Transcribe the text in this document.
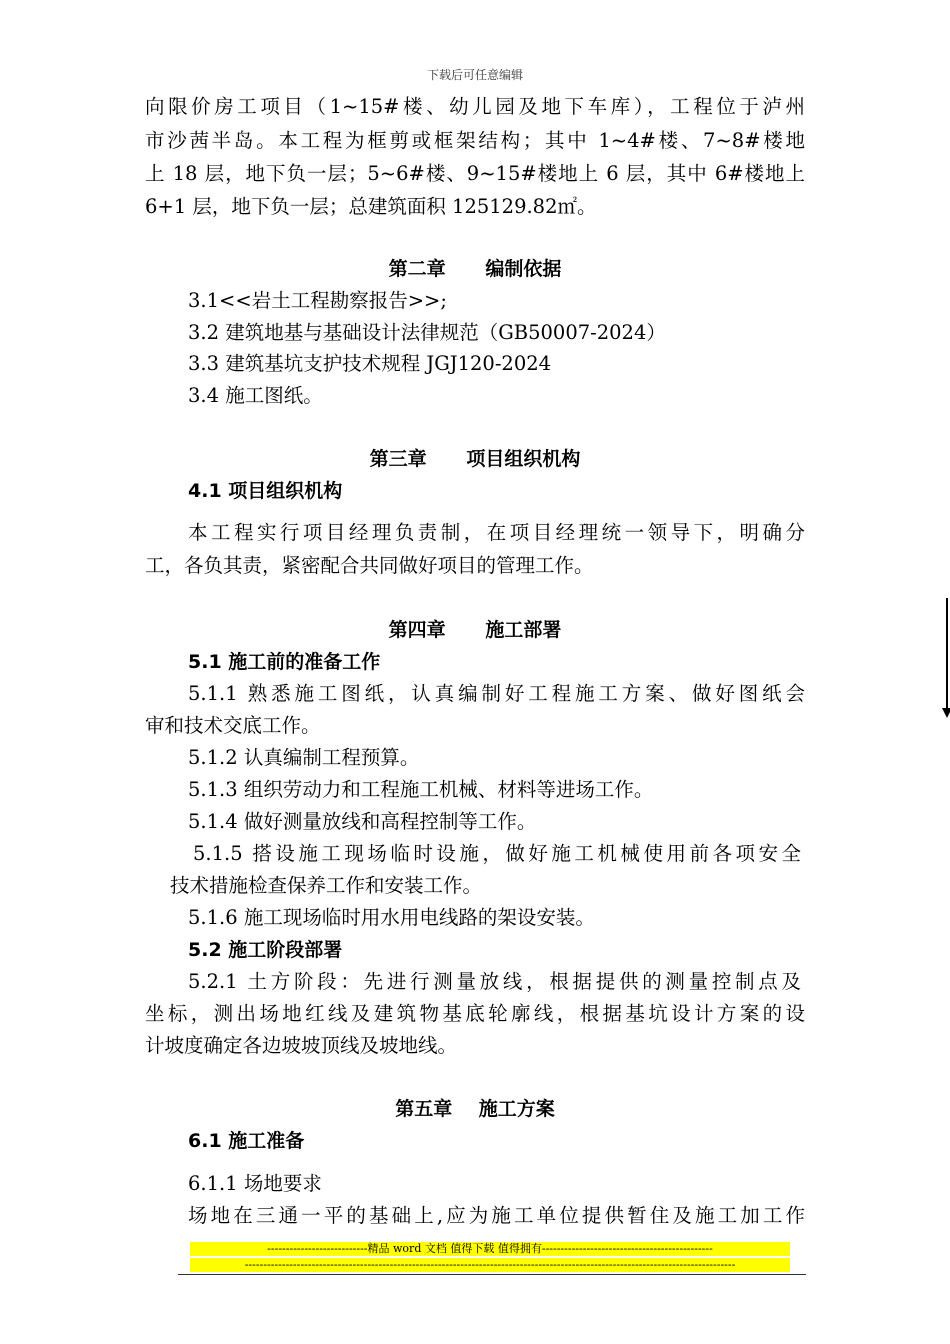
下载后可任意编辑
向限价房工项目（1~15#楼、幼儿园及地下车库），工程位于泸州
市沙茜半岛。本工程为框剪或框架结构；其中 1~4#楼、7~8#楼地
上 18 层，地下负一层；5~6#楼、9~15#楼地上 6 层，其中 6#楼地上
6+1 层，地下负一层；总建筑面积 125129.82㎡。
第二章      编制依据
3.1<<岩土工程勘察报告>>;
3.2 建筑地基与基础设计法律规范（GB50007-2024）
3.3 建筑基坑支护技术规程 JGJ120-2024
3.4 施工图纸。
第三章      项目组织机构
4.1 项目组织机构
本工程实行项目经理负责制，在项目经理统一领导下，明确分
工，各负其责，紧密配合共同做好项目的管理工作。
第四章      施工部署
5.1 施工前的准备工作
5.1.1 熟悉施工图纸，认真编制好工程施工方案、做好图纸会
审和技术交底工作。
5.1.2 认真编制工程预算。
5.1.3 组织劳动力和工程施工机械、材料等进场工作。
5.1.4 做好测量放线和高程控制等工作。
5.1.5 搭设施工现场临时设施，做好施工机械使用前各项安全
技术措施检查保养工作和安装工作。
5.1.6 施工现场临时用水用电线路的架设安装。
5.2 施工阶段部署
5.2.1 土方阶段：先进行测量放线，根据提供的测量控制点及
坐标，测出场地红线及建筑物基底轮廓线，根据基坑设计方案的设
计坡度确定各边坡坡顶线及坡地线。
第五章    施工方案
6.1 施工准备
6.1.1 场地要求
场地在三通一平的基础上,应为施工单位提供暂住及施工加工作
---------------------------精品 word 文档 值得下载 值得拥有----------------------------------------------
------------------------------------------------------------------------------------------------------------------------------------
